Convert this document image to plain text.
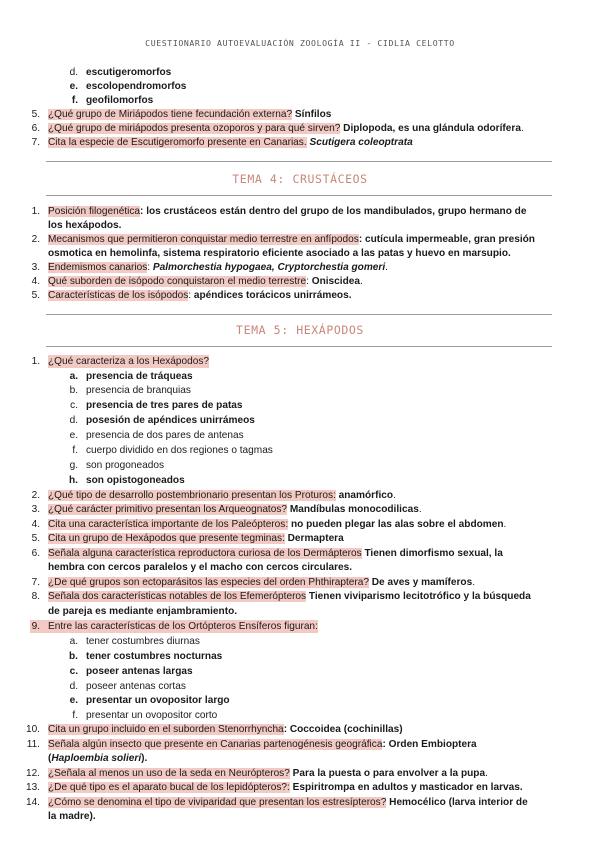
CUESTIONARIO AUTOEVALUACIÓN ZOOLOGÍA II - CIDLIA CELOTTO
d. escutigeromorfos
e. escolopendromorfos
f. geofilomorfos
5. ¿Qué grupo de Miriápodos tiene fecundación externa? Sínfilos
6. ¿Qué grupo de miriápodos presenta ozoporos y para qué sirven? Diplopoda, es una glándula odorífera.
7. Cita la especie de Escutigeromorfo presente en Canarias. Scutigera coleoptrata
TEMA 4: CRUSTÁCEOS
1. Posición filogenética: los crustáceos están dentro del grupo de los mandibulados, grupo hermano de
los hexápodos.
2. Mecanismos que permitieron conquistar medio terrestre en anfípodos: cutícula impermeable, gran presión
osmotica en hemolinfa, sistema respiratorio eficiente asociado a las patas y huevo en marsupio.
3. Endemismos canarios: Palmorchestia hypogaea, Cryptorchestia gomeri.
4. Qué suborden de isópodo conquistaron el medio terrestre: Oniscidea.
5. Características de los isópodos: apéndices torácicos unirrámeos.
TEMA 5: HEXÁPODOS
1. ¿Qué caracteriza a los Hexápodos?
a. presencia de tráqueas
b. presencia de branquias
c. presencia de tres pares de patas
d. posesión de apéndices unirrámeos
e. presencia de dos pares de antenas
f. cuerpo dividido en dos regiones o tagmas
g. son progoneados
h. son opistogoneados
2. ¿Qué tipo de desarrollo postembrionario presentan los Proturos: anamórfico.
3. ¿Qué carácter primitivo presentan los Arqueognatos? Mandíbulas monocodilicas.
4. Cita una característica importante de los Paleópteros: no pueden plegar las alas sobre el abdomen.
5. Cita un grupo de Hexápodos que presente tegminas: Dermaptera
6. Señala alguna característica reproductora curiosa de los Dermápteros Tienen dimorfismo sexual, la
hembra con cercos paralelos y el macho con cercos circulares.
7. ¿De qué grupos son ectoparásitos las especies del orden Phthiraptera? De aves y mamíferos.
8. Señala dos características notables de los Efemerópteros Tienen viviparismo lecitotrófico y la búsqueda
de pareja es mediante enjambramiento.

9. Entre las características de los Ortópteros Ensíferos figuran:
a. tener costumbres diurnas
b. tener costumbres nocturnas
c. poseer antenas largas
d. poseer antenas cortas
e. presentar un ovopositor largo
f. presentar un ovopositor corto
10. Cita un grupo incluido en el suborden Stenorrhyncha: Coccoidea (cochinillas)
11. Señala algún insecto que presente en Canarias partenogénesis geográfica: Orden Embioptera
(Haploembia solieri).
12. ¿Señala al menos un uso de la seda en Neurópteros? Para la puesta o para envolver a la pupa.
13. ¿De qué tipo es el aparato bucal de los lepidópteros?: Espiritrompa en adultos y masticador en larvas.
14. ¿Cómo se denomina el tipo de viviparidad que presentan los estresípteros? Hemocélico (larva interior de
la madre).
